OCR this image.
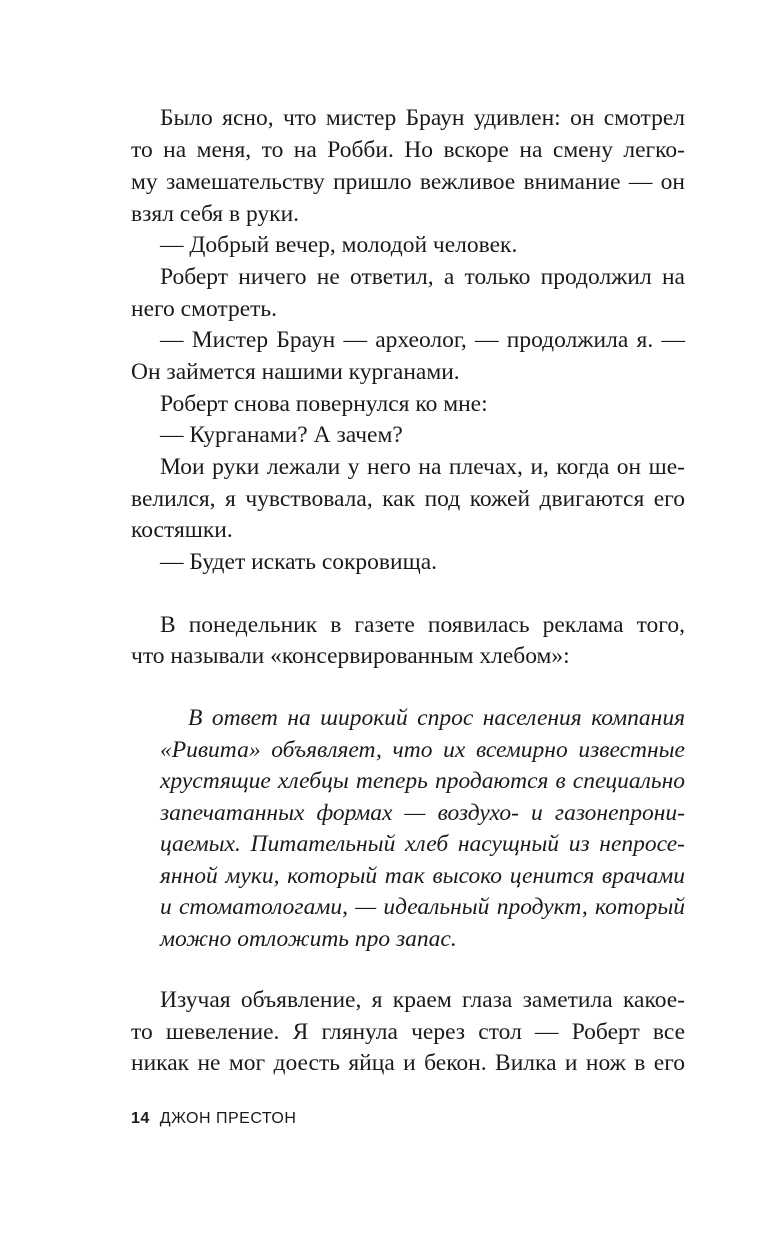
Было ясно, что мистер Браун удивлен: он смотрел
то на меня, то на Робби. Но вскоре на смену легко-
му замешательству пришло вежливое внимание — он
взял себя в руки.
— Добрый вечер, молодой человек.
Роберт ничего не ответил, а только продолжил на
него смотреть.
— Мистер Браун — археолог, — продолжила я. —
Он займется нашими курганами.
Роберт снова повернулся ко мне:
— Курганами? А зачем?
Мои руки лежали у него на плечах, и, когда он ше-
велился, я чувствовала, как под кожей двигаются его
костяшки.
— Будет искать сокровища.
В понедельник в газете появилась реклама того,
что называли «консервированным хлебом»:
В ответ на широкий спрос населения компания
«Ривита» объявляет, что их всемирно известные
хрустящие хлебцы теперь продаются в специально
запечатанных формах — воздухо- и газонепрони-
цаемых. Питательный хлеб насущный из непросе-
янной муки, который так высоко ценится врачами
и стоматологами, — идеальный продукт, который
можно отложить про запас.
Изучая объявление, я краем глаза заметила какое-
то шевеление. Я глянула через стол — Роберт все
никак не мог доесть яйца и бекон. Вилка и нож в его
14 ДЖОН ПРЕСТОН
